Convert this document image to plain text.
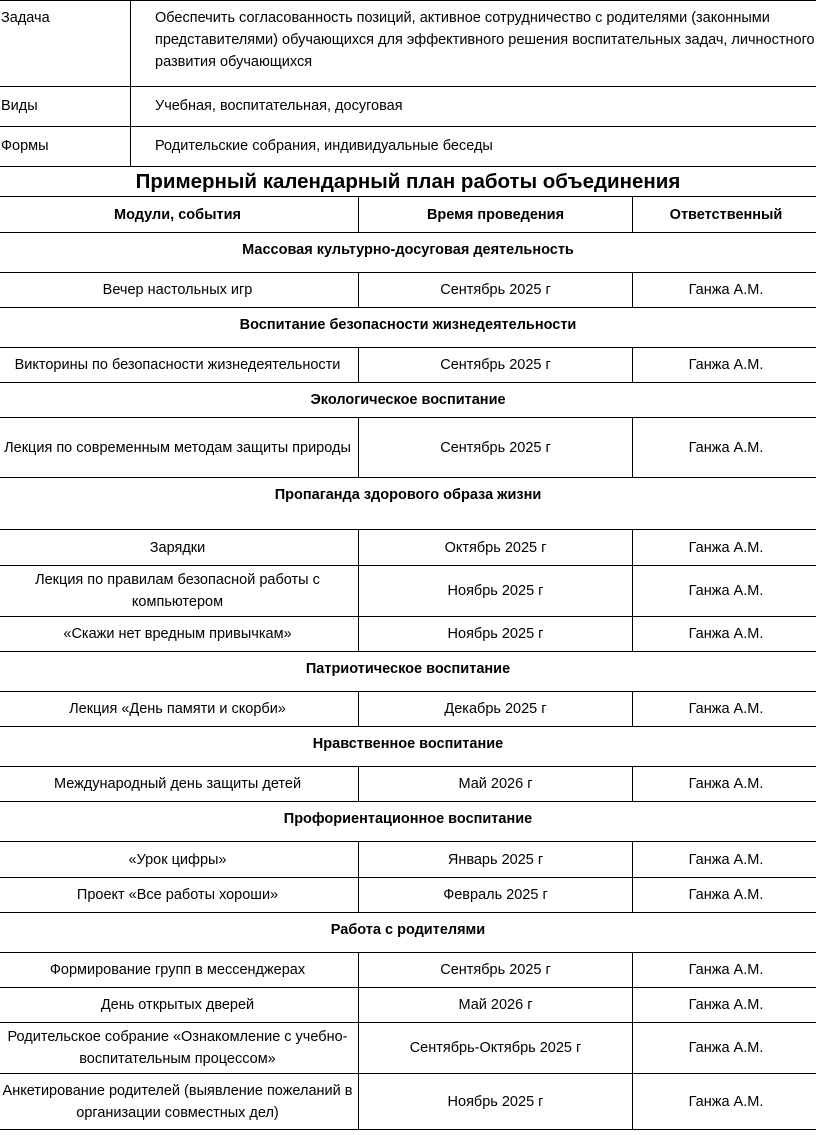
Задача	Обеспечить согласованность позиций, активное сотрудничество с родителями (законными представителями) обучающихся для эффективного решения воспитательных задач, личностного развития обучающихся
Виды	Учебная, воспитательная, досуговая
Формы	Родительские собрания, индивидуальные беседы
Примерный календарный план работы объединения
Модули, события	Время проведения	Ответственный
Массовая культурно-досуговая деятельность		
Вечер настольных игр	Сентябрь 2025 г	Ганжа А.М.
Воспитание безопасности жизнедеятельности		
Викторины по безопасности жизнедеятельности	Сентябрь 2025 г	Ганжа А.М.
Экологическое воспитание		
Лекция по современным методам защиты природы	Сентябрь 2025 г	Ганжа А.М.
Пропаганда здорового образа жизни		
Зарядки	Октябрь 2025 г	Ганжа А.М.
Лекция по правилам безопасной работы с компьютером	Ноябрь 2025 г	Ганжа А.М.
«Скажи нет вредным привычкам»	Ноябрь 2025 г	Ганжа А.М.
Патриотическое воспитание		
Лекция «День памяти и скорби»	Декабрь 2025 г	Ганжа А.М.
Нравственное воспитание		
Международный день защиты детей	Май 2026 г	Ганжа А.М.
Профориентационное воспитание		
«Урок цифры»	Январь 2025 г	Ганжа А.М.
Проект «Все работы хороши»	Февраль 2025 г	Ганжа А.М.
Работа с родителями		
Формирование групп в мессенджерах	Сентябрь 2025 г	Ганжа А.М.
День открытых дверей	Май 2026 г	Ганжа А.М.
Родительское собрание «Ознакомление с учебно- воспитательным процессом»	Сентябрь-Октябрь 2025 г	Ганжа А.М.
Анкетирование родителей (выявление пожеланий в организации совместных дел)	Ноябрь 2025 г	Ганжа А.М.
